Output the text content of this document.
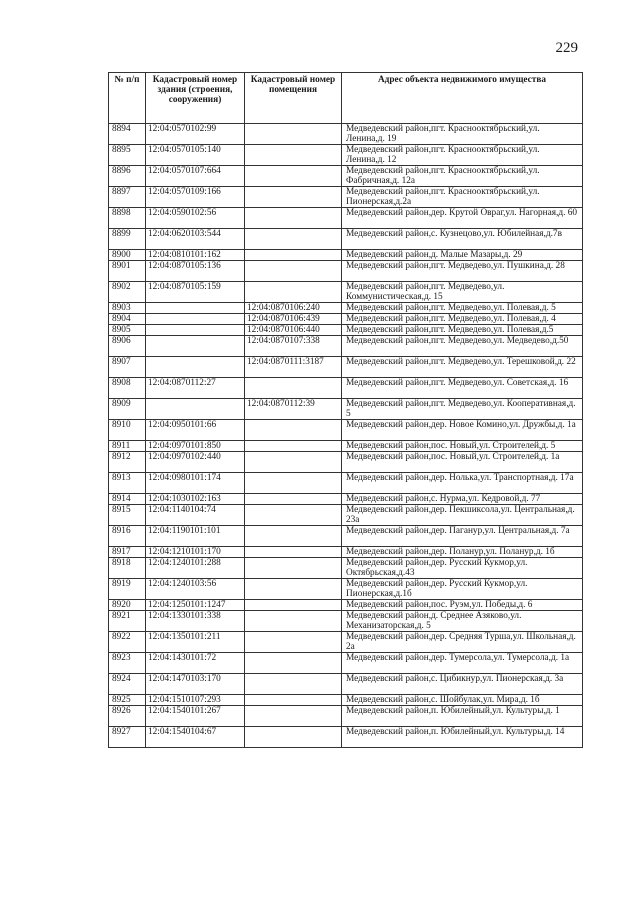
229
№ п/п	Кадастровый номер здания (строения, сооружения)	Кадастровый номер помещения	Адрес объекта недвижимого имущества
8894	12:04:0570102:99		Медведевский район,пгт. Краснооктябрьский,ул. Ленина,д. 19
8895	12:04:0570105:140		Медведевский район,пгт. Краснооктябрьский,ул. Ленина,д. 12
8896	12:04:0570107:664		Медведевский район,пгт. Краснооктябрьский,ул. Фабричная,д. 12а
8897	12:04:0570109:166		Медведевский район,пгт. Краснооктябрьский,ул. Пионерская,д.2а
8898	12:04:0590102:56		Медведевский район,дер. Крутой Овраг,ул. Нагорная,д. 60
8899	12:04:0620103:544		Медведевский район,с. Кузнецово,ул. Юбилейная,д.7в
8900	12:04:0810101:162		Медведевский район,д. Малые Мазары,д. 29
8901	12:04:0870105:136		Медведевский район,пгт. Медведево,ул. Пушкина,д. 28
8902	12:04:0870105:159		Медведевский район,пгт. Медведево,ул. Коммунистическая,д. 15
8903		12:04:0870106:240	Медведевский район,пгт. Медведево,ул. Полевая,д. 5
8904		12:04:0870106:439	Медведевский район,пгт. Медведево,ул. Полевая,д. 4
8905		12:04:0870106:440	Медведевский район,пгт. Медведево,ул. Полевая,д.5
8906		12:04:0870107:338	Медведевский район,пгт. Медведево,ул. Медведево,д.50
8907		12:04:0870111:3187	Медведевский район,пгт. Медведево,ул. Терешковой,д. 22
8908	12:04:0870112:27		Медведевский район,пгт. Медведево,ул. Советская,д. 16
8909		12:04:0870112:39	Медведевский район,пгт. Медведево,ул. Кооперативная,д. 5
8910	12:04:0950101:66		Медведевский район,дер. Новое Комино,ул. Дружбы,д. 1а
8911	12:04:0970101:850		Медведевский район,пос. Новый,ул. Строителей,д. 5
8912	12:04:0970102:440		Медведевский район,пос. Новый,ул. Строителей,д. 1а
8913	12:04:0980101:174		Медведевский район,дер. Нолька,ул. Транспортная,д. 17а
8914	12:04:1030102:163		Медведевский район,с. Нурма,ул. Кедровой,д. 77
8915	12:04:1140104:74		Медведевский район,дер. Пекшиксола,ул. Центральная,д. 23а
8916	12:04:1190101:101		Медведевский район,дер. Паганур,ул. Центральная,д. 7а
8917	12:04:1210101:170		Медведевский район,дер. Поланур,ул. Поланур,д. 1б
8918	12:04:1240101:288		Медведевский район,дер. Русский Кукмор,ул. Октябрьская,д.43
8919	12:04:1240103:56		Медведевский район,дер. Русский Кукмор,ул. Пионерская,д.1б
8920	12:04:1250101:1247		Медведевский район,пос. Руэм,ул. Победы,д. 6
8921	12:04:1330101:338		Медведевский район,д. Среднее Азяково,ул. Механизаторская,д. 5
8922	12:04:1350101:211		Медведевский район,дер. Средняя Турша,ул. Школьная,д. 2а
8923	12:04:1430101:72		Медведевский район,дер. Тумерсола,ул. Тумерсола,д. 1а
8924	12:04:1470103:170		Медведевский район,с. Цибикнур,ул. Пионерская,д. 3а
8925	12:04:1510107:293		Медведевский район,с. Шойбулак,ул. Мира,д. 1б
8926	12:04:1540101:267		Медведевский район,п. Юбилейный,ул. Культуры,д. 1
8927	12:04:1540104:67		Медведевский район,п. Юбилейный,ул. Культуры,д. 14
